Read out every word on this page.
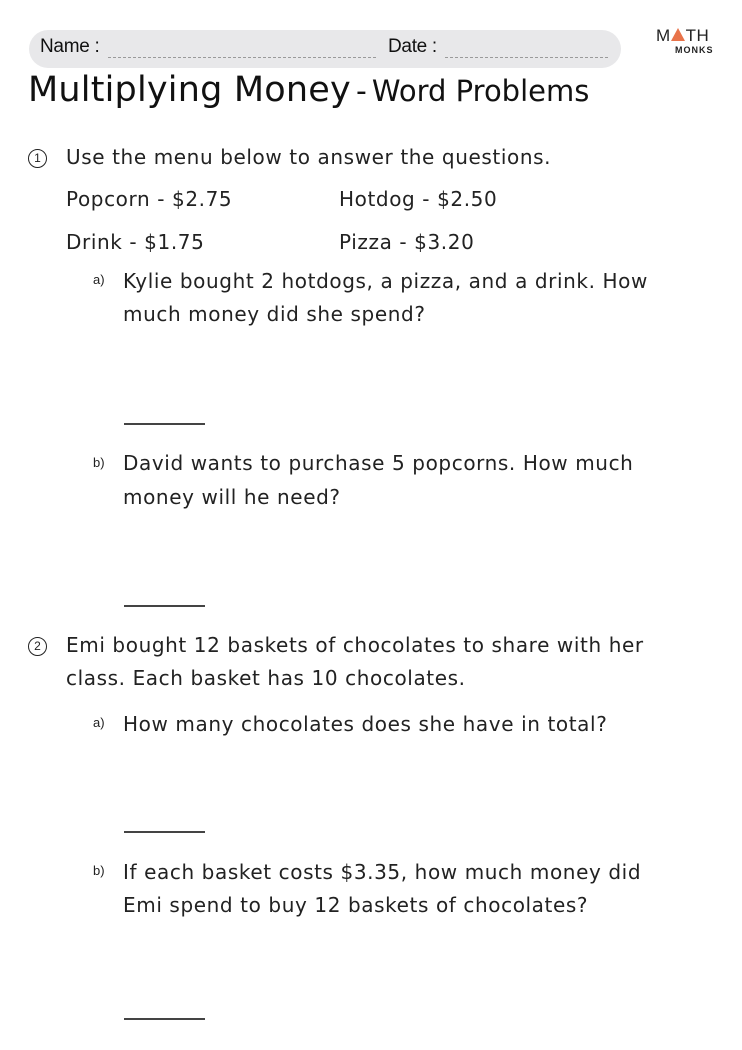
Name :	Date :
M TH
MONKS
Multiplying Money - Word Problems
1	Use the menu below to answer the questions.
Popcorn - $2.75	Hotdog - $2.50
Drink - $1.75	Pizza - $3.20
a) Kylie bought 2 hotdogs, a pizza, and a drink. How
much money did she spend?
b) David wants to purchase 5 popcorns. How much
money will he need?
2	Emi bought 12 baskets of chocolates to share with her
class. Each basket has 10 chocolates.
a) How many chocolates does she have in total?
b) If each basket costs $3.35, how much money did
Emi spend to buy 12 baskets of chocolates?
